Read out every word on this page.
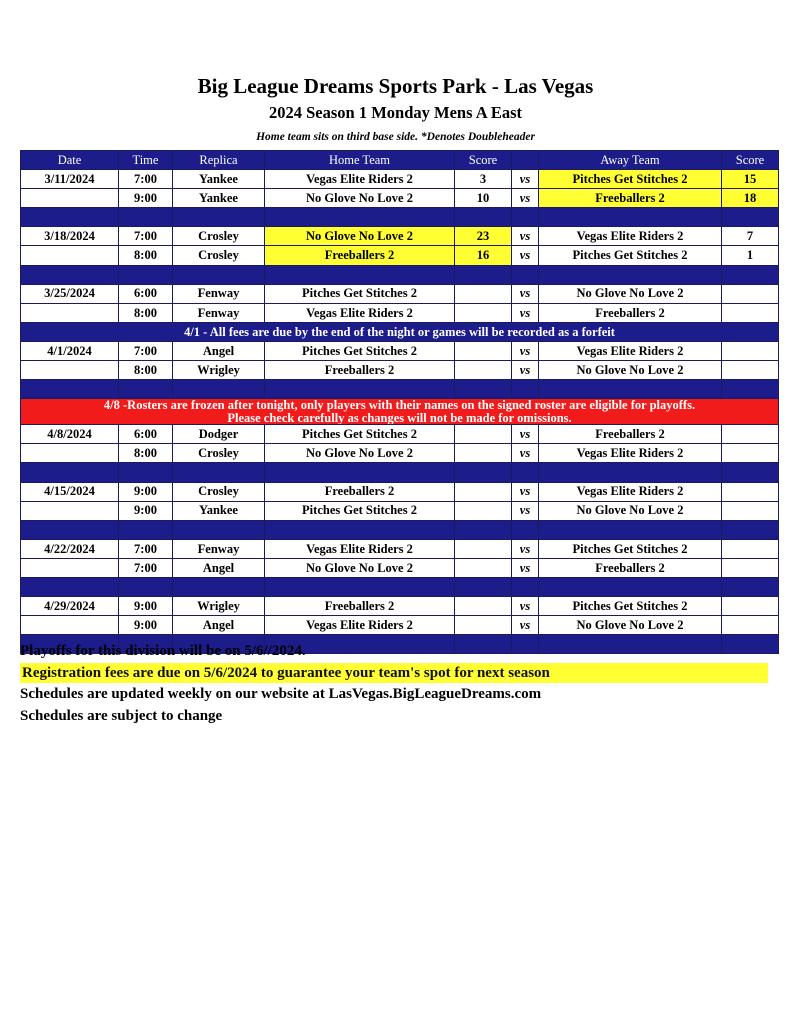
Big League Dreams Sports Park - Las Vegas
2024 Season 1 Monday Mens A East
Home team sits on third base side. *Denotes Doubleheader
Date	Time	Replica	Home Team	Score		Away Team	Score
3/11/2024	7:00	Yankee	Vegas Elite Riders 2	3	vs	Pitches Get Stitches 2	15
	9:00	Yankee	No Glove No Love 2	10	vs	Freeballers 2	18

3/18/2024	7:00	Crosley	No Glove No Love 2	23	vs	Vegas Elite Riders 2	7
	8:00	Crosley	Freeballers 2	16	vs	Pitches Get Stitches 2	1

3/25/2024	6:00	Fenway	Pitches Get Stitches 2		vs	No Glove No Love 2	
	8:00	Fenway	Vegas Elite Riders 2		vs	Freeballers 2	
4/1 - All fees are due by the end of the night or games will be recorded as a forfeit							
4/1/2024	7:00	Angel	Pitches Get Stitches 2		vs	Vegas Elite Riders 2	
	8:00	Wrigley	Freeballers 2		vs	No Glove No Love 2	

4/8 -Rosters are frozen after tonight, only players with their names on the signed roster are eligible for playoffs.
Please check carefully as changes will not be made for omissions.							

4/8/2024	6:00	Dodger	Pitches Get Stitches 2		vs	Freeballers 2	
	8:00	Crosley	No Glove No Love 2		vs	Vegas Elite Riders 2	

4/15/2024	9:00	Crosley	Freeballers 2		vs	Vegas Elite Riders 2	
	9:00	Yankee	Pitches Get Stitches 2		vs	No Glove No Love 2	

4/22/2024	7:00	Fenway	Vegas Elite Riders 2		vs	Pitches Get Stitches 2	
	7:00	Angel	No Glove No Love 2		vs	Freeballers 2	

4/29/2024	9:00	Wrigley	Freeballers 2		vs	Pitches Get Stitches 2	
	9:00	Angel	Vegas Elite Riders 2		vs	No Glove No Love 2	

Playoffs for this division will be on 5/6//2024.
Registration fees are due on 5/6/2024 to guarantee your team's spot for next season
Schedules are updated weekly on our website at LasVegas.BigLeagueDreams.com
Schedules are subject to change
